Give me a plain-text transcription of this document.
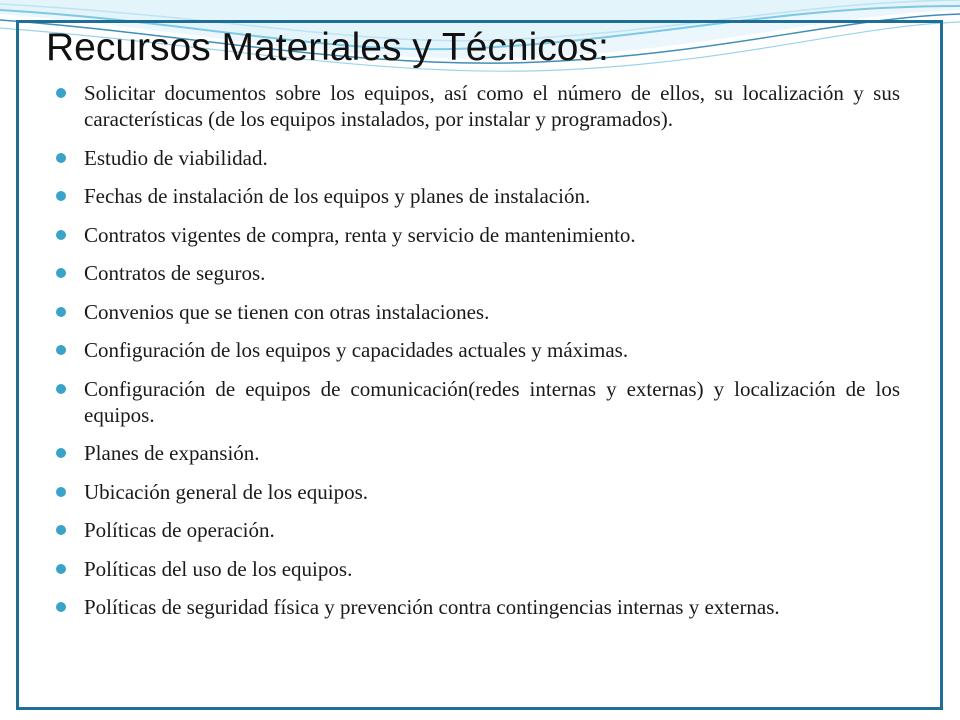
Recursos Materiales y Técnicos:
Solicitar documentos sobre los equipos, así como el número de ellos, su localización y sus características (de los equipos instalados, por instalar y programados).
Estudio de viabilidad.
Fechas de instalación de los equipos y planes de instalación.
Contratos vigentes de compra, renta y servicio de mantenimiento.
Contratos de seguros.
Convenios que se tienen con otras instalaciones.
Configuración de los equipos y capacidades actuales y máximas.
Configuración de equipos de comunicación(redes internas y externas) y localización de los equipos.
Planes de expansión.
Ubicación general de los equipos.
Políticas de operación.
Políticas del uso de los equipos.
Políticas de seguridad física y prevención contra contingencias internas y externas.
